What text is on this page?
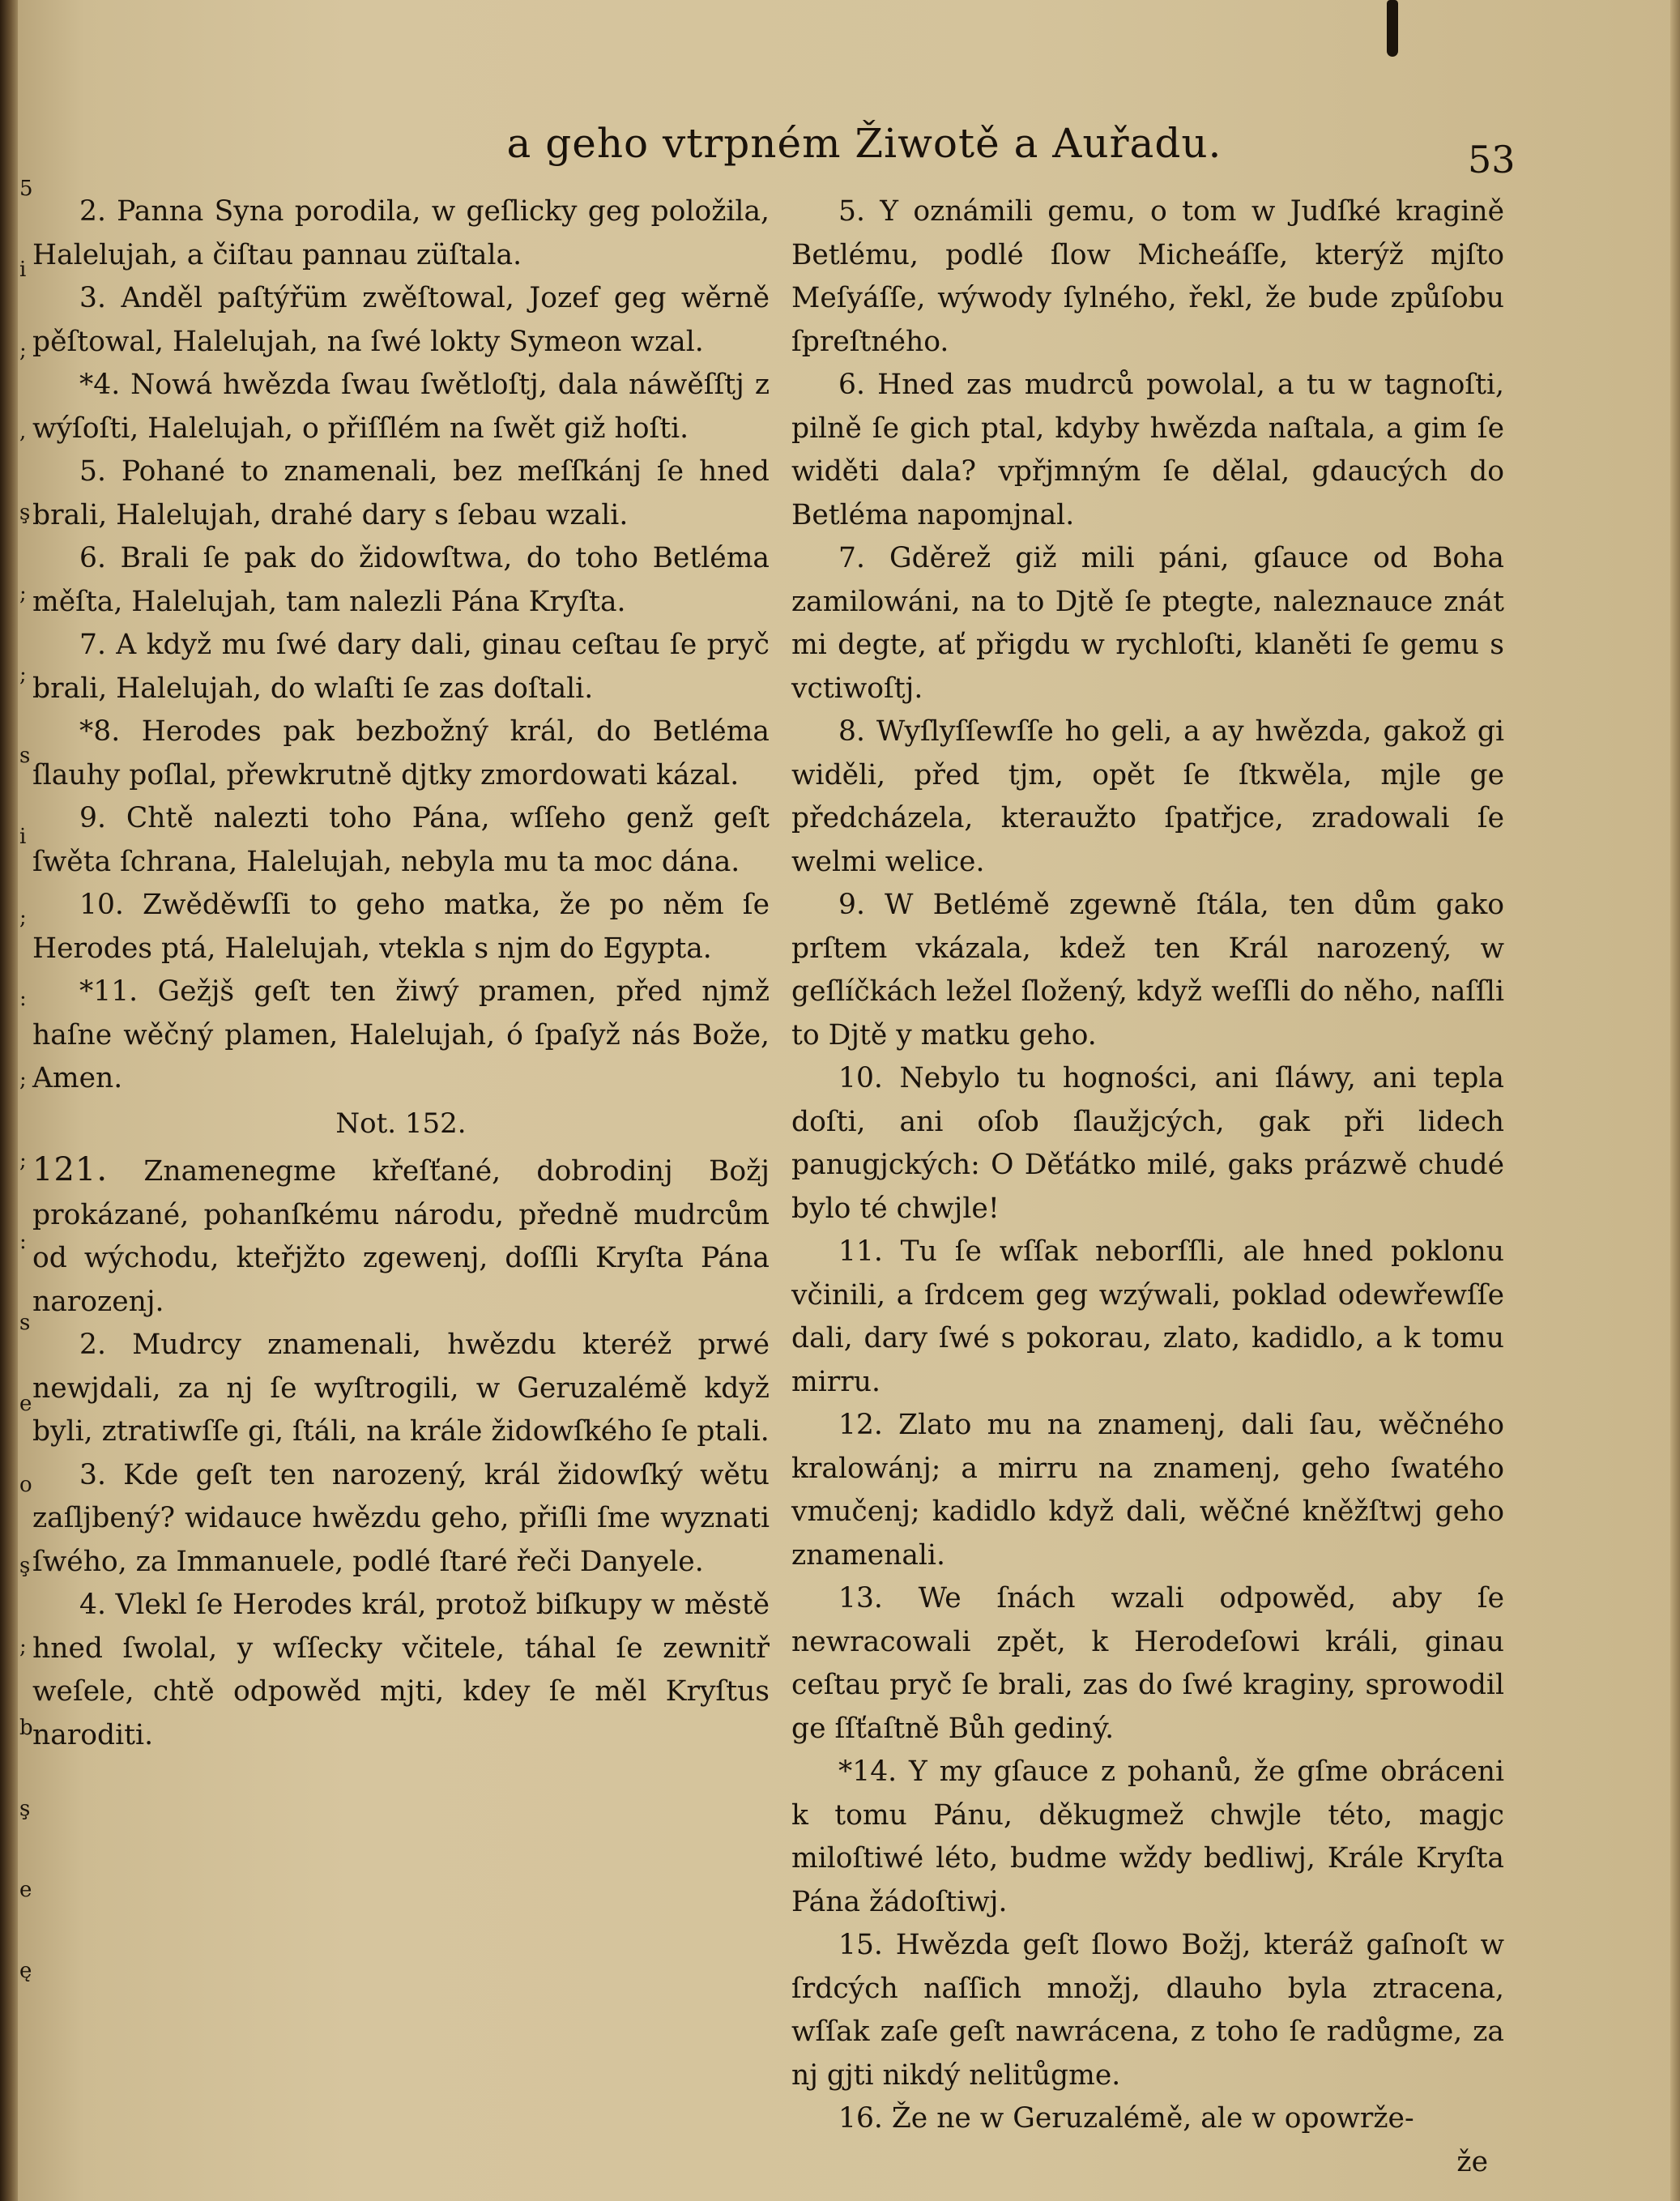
a geho vtrpném Žiwotě a Auřadu.	53
5
i
;
,
ş
;
;
s
i
;
:
;
;
:
s
e
o
ş
;
b
ş
e
ę

2. Panna Syna porodila, w geſlicky geg položila, Halelujah, a čiſtau pannau züſtala.

3. Anděl paſtýřüm zwěſtowal, Jozef geg wěrně pěſtowal, Halelujah, na ſwé lokty Symeon wzal.

*4. Nowá hwězda ſwau ſwětloſtj, dala náwěſſtj z wýſoſti, Halelujah, o přiſſlém na ſwět giž hoſti.

5. Pohané to znamenali, bez meſſkánj ſe hned brali, Halelujah, drahé dary s ſebau wzali.

6. Brali ſe pak do židowſtwa, do toho Betléma měſta, Halelujah, tam nalezli Pána Kryſta.

7. A když mu ſwé dary dali, ginau ceſtau ſe pryč brali, Halelujah, do wlaſti ſe zas doſtali.

*8. Herodes pak bezbožný král, do Betléma ſlauhy poſlal, přewkrutně djtky zmordowati kázal.

9. Chtě nalezti toho Pána, wſſeho genž geſt ſwěta ſchrana, Halelujah, nebyla mu ta moc dána.

10. Zwěděwſſi to geho matka, že po něm ſe Herodes ptá, Halelujah, vtekla s njm do Egypta.

*11. Gežjš geſt ten žiwý pramen, před njmž haſne wěčný plamen, Halelujah, ó ſpaſyž nás Bože, Amen.

Not. 152.

121. Znamenegme křeſťané, dobrodinj Božj prokázané, pohanſkému národu, předně mudrcům od wýchodu, kteřjžto zgewenj, doſſli Kryſta Pána narozenj.

2. Mudrcy znamenali, hwězdu kteréž prwé newjdali, za nj ſe wyſtrogili, w Geruzalémě když byli, ztratiwſſe gi, ſtáli, na krále židowſkého ſe ptali.

3. Kde geſt ten narozený, král židowſký wětu zaſljbený? widauce hwězdu geho, přiſli ſme wyznati ſwého, za Immanuele, podlé ſtaré řeči Danyele.

4. Vlekl ſe Herodes král, protož biſkupy w městě hned ſwolal, y wſſecky včitele, táhal ſe zewnitř weſele, chtě odpowěd mjti, kdey ſe měl Kryſtus naroditi.

5. Y oznámili gemu, o tom w Judſké kragině Betlému, podlé ſlow Micheáſſe, kterýž mjſto Meſyáſſe, wýwody ſylného, řekl, že bude způſobu ſpreſtného.

6. Hned zas mudrců powolal, a tu w tagnoſti, pilně ſe gich ptal, kdyby hwězda naſtala, a gim ſe widěti dala? vpřjmným ſe dělal, gdaucých do Betléma napomjnal.

7. Gděrež giž mili páni, gſauce od Boha zamilowáni, na to Djtě ſe ptegte, naleznauce znát mi degte, ať přigdu w rychloſti, klaněti ſe gemu s vctiwoſtj.

8. Wyſlyſſewſſe ho geli, a ay hwězda, gakož gi widěli, před tjm, opět ſe ſtkwěla, mjle ge předcházela, kteraužto ſpatřjce, zradowali ſe welmi welice.

9. W Betlémě zgewně ſtála, ten dům gako prſtem vkázala, kdež ten Král narozený, w geſlíčkách ležel ſložený, když weſſli do něho, naſſli to Djtě y matku geho.

10. Nebylo tu hogności, ani ſláwy, ani tepla doſti, ani oſob ſlaužjcých, gak při lidech panugjckých: O Děťátko milé, gaks prázwě chudé bylo té chwjle!

11. Tu ſe wſſak neborſſli, ale hned poklonu včinili, a ſrdcem geg wzýwali, poklad odewřewſſe dali, dary ſwé s pokorau, zlato, kadidlo, a k tomu mirru.

12. Zlato mu na znamenj, dali ſau, wěčného kralowánj; a mirru na znamenj, geho ſwatého vmučenj; kadidlo když dali, wěčné kněžſtwj geho znamenali.

13. We ſnách wzali odpowěd, aby ſe newracowali zpět, k Herodeſowi králi, ginau ceſtau pryč ſe brali, zas do ſwé kraginy, sprowodil ge ſſťaſtně Bůh gediný.

*14. Y my gſauce z pohanů, že gſme obráceni k tomu Pánu, děkugmež chwjle této, magjc miloſtiwé léto, budme wždy bedliwj, Krále Kryſta Pána žádoſtiwj.

15. Hwězda geſt ſlowo Božj, kteráž gaſnoſt w ſrdcých naſſich množj, dlauho byla ztracena, wſſak zaſe geſt nawrácena, z toho ſe radůgme, za nj gjti nikdý nelitůgme.

16. Že ne w Geruzalémě, ale w opowrže-

že
